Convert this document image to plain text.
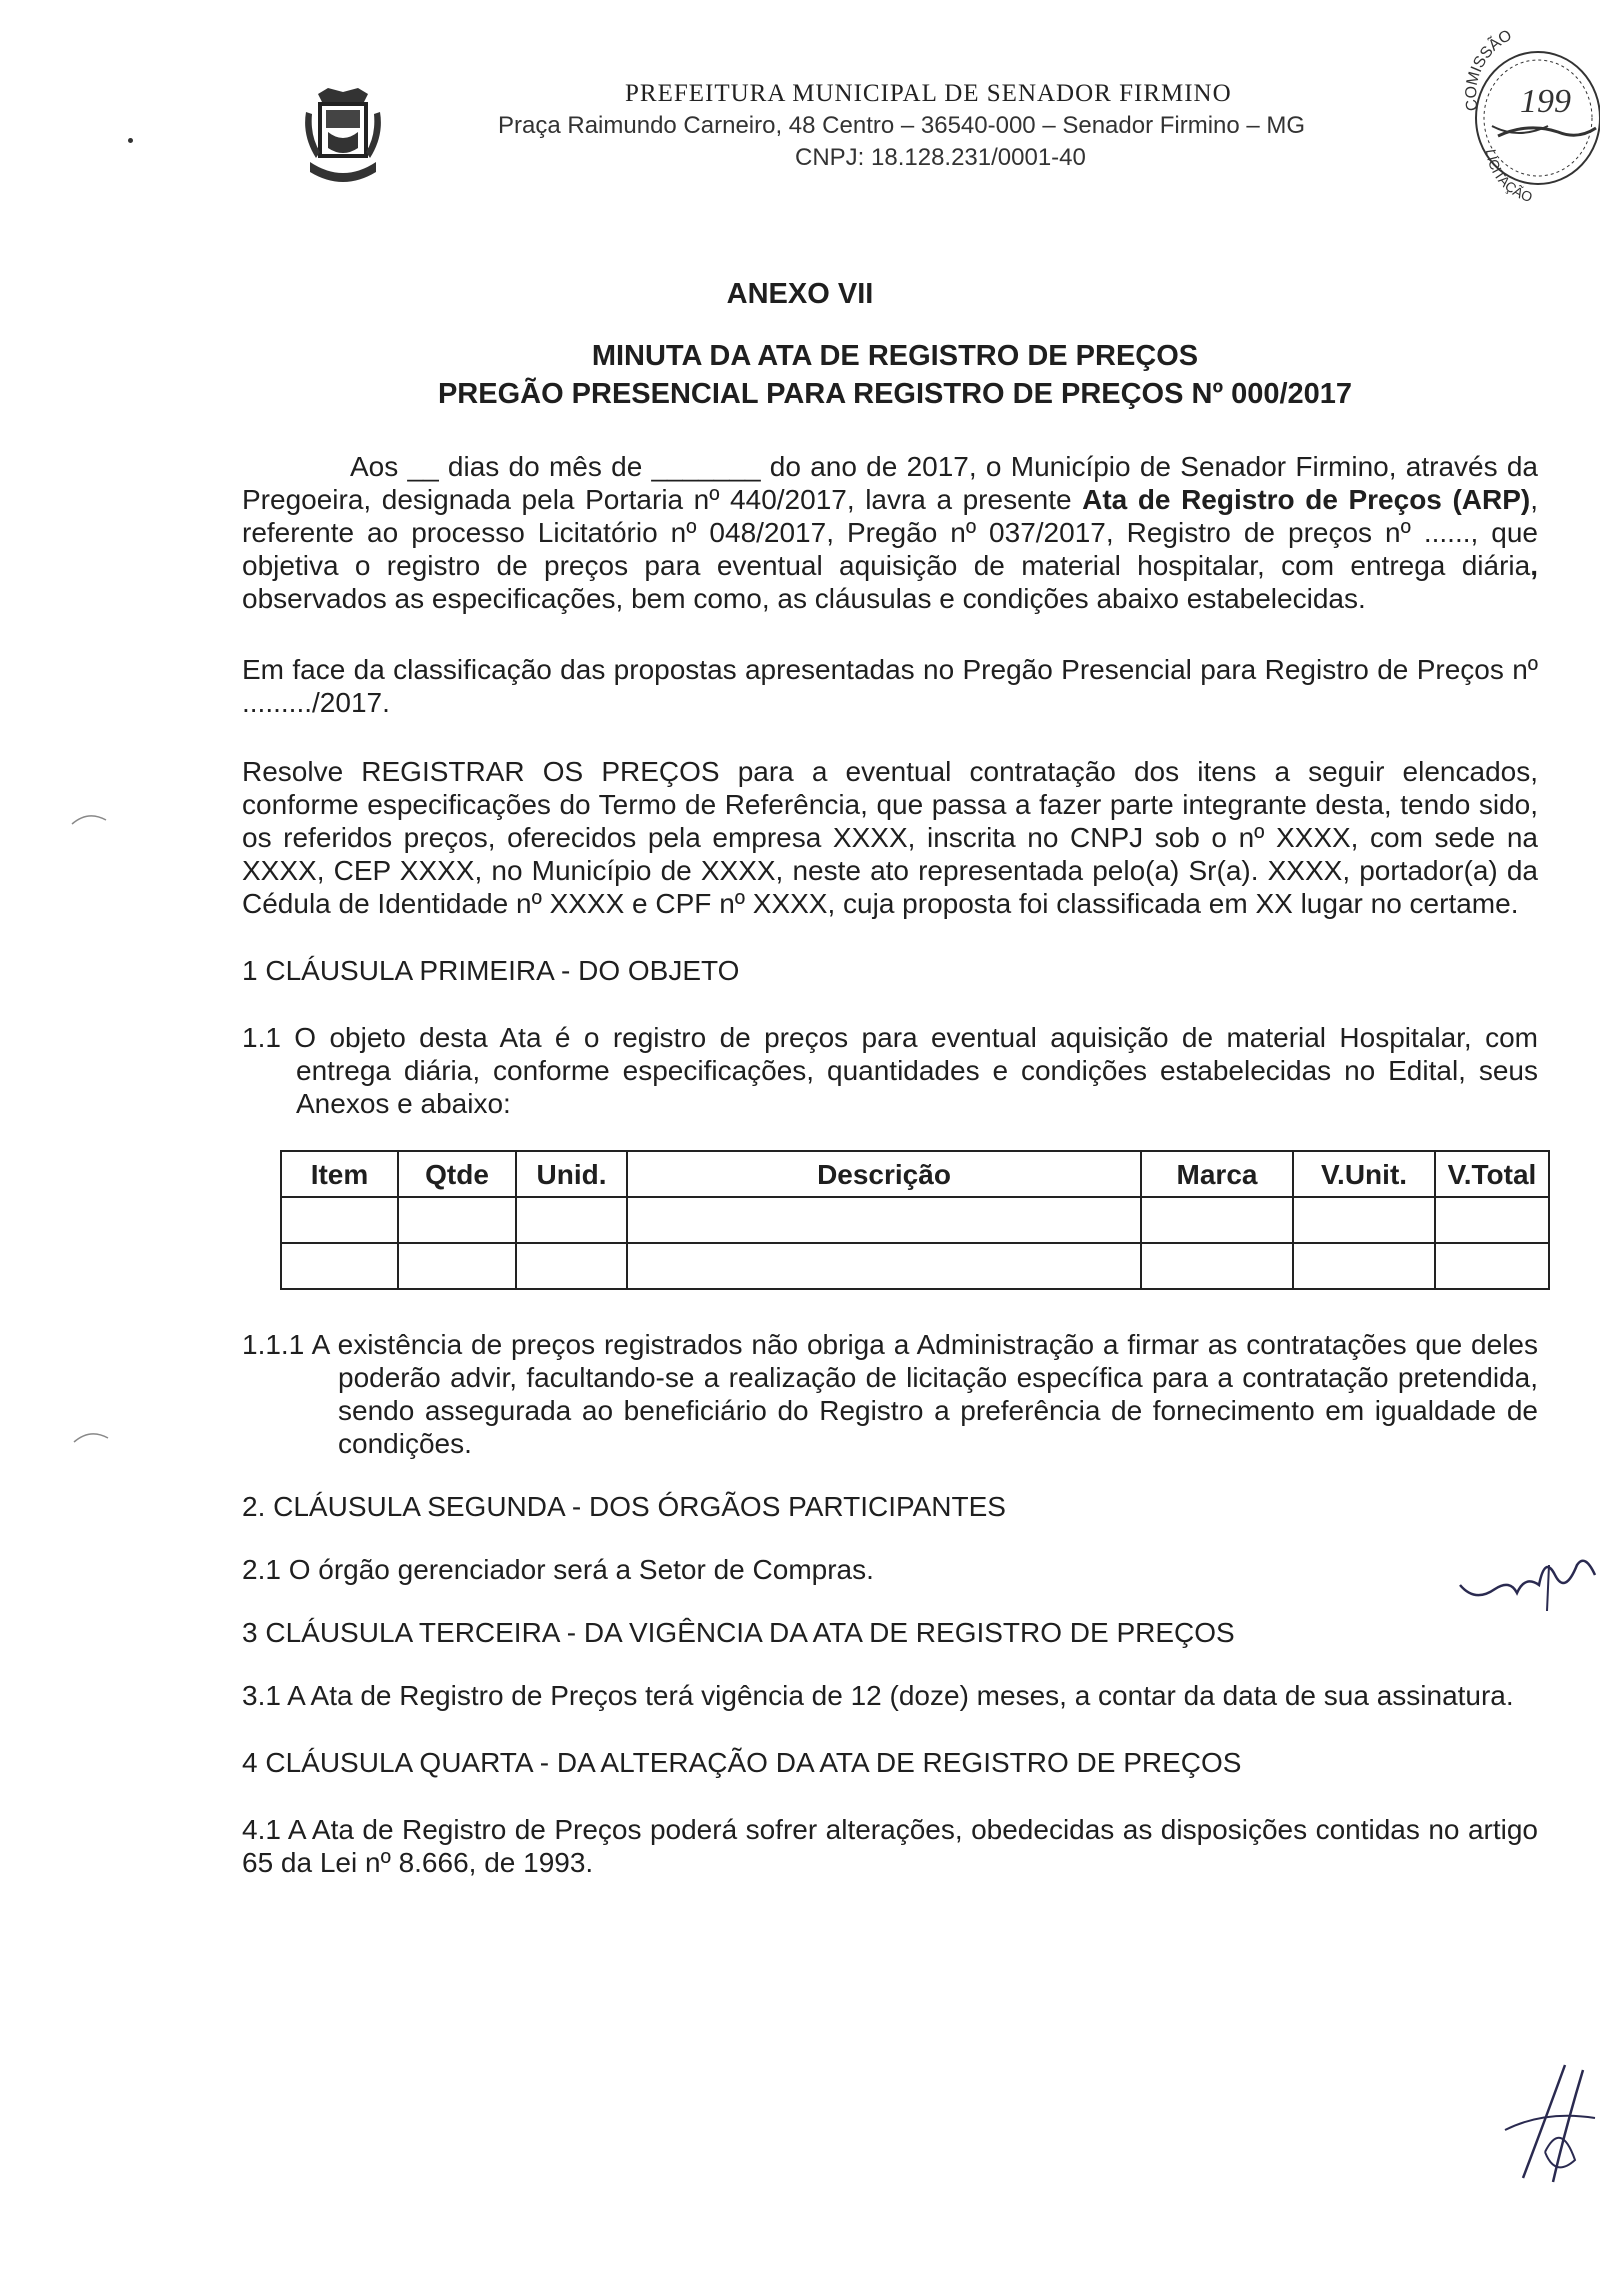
PREFEITURA MUNICIPAL DE SENADOR FIRMINO
Praça Raimundo Carneiro, 48 Centro – 36540-000 – Senador Firmino – MG
CNPJ: 18.128.231/0001-40
COMISSÃO
LICITAÇÃO
199
ANEXO VII
MINUTA DA ATA DE REGISTRO DE PREÇOS
PREGÃO PRESENCIAL PARA REGISTRO DE PREÇOS Nº 000/2017

Aos __ dias do mês de _______ do ano de 2017, o Município de Senador Firmino, através da Pregoeira, designada pela Portaria nº 440/2017, lavra a presente Ata de Registro de Preços (ARP), referente ao processo Licitatório nº 048/2017, Pregão nº 037/2017, Registro de preços nº ......, que objetiva o registro de preços para eventual aquisição de material hospitalar, com entrega diária, observados as especificações, bem como, as cláusulas e condições abaixo estabelecidas.

Em face da classificação das propostas apresentadas no Pregão Presencial para Registro de Preços nº ........./2017.

Resolve REGISTRAR OS PREÇOS para a eventual contratação dos itens a seguir elencados, conforme especificações do Termo de Referência, que passa a fazer parte integrante desta, tendo sido, os referidos preços, oferecidos pela empresa XXXX, inscrita no CNPJ sob o nº XXXX, com sede na XXXX, CEP XXXX, no Município de XXXX, neste ato representada pelo(a) Sr(a). XXXX, portador(a) da Cédula de Identidade nº XXXX e CPF nº XXXX, cuja proposta foi classificada em XX lugar no certame.

1 CLÁUSULA PRIMEIRA - DO OBJETO

1.1 O objeto desta Ata é o registro de preços para eventual aquisição de material Hospitalar, com entrega diária, conforme especificações, quantidades e condições estabelecidas no Edital, seus Anexos e abaixo:

Item	Qtde	Unid.	Descrição	Marca	V.Unit.	V.Total

1.1.1 A existência de preços registrados não obriga a Administração a firmar as contratações que deles poderão advir, facultando-se a realização de licitação específica para a contratação pretendida, sendo assegurada ao beneficiário do Registro a preferência de fornecimento em igualdade de condições.

2. CLÁUSULA SEGUNDA - DOS ÓRGÃOS PARTICIPANTES

2.1 O órgão gerenciador será a Setor de Compras.

3 CLÁUSULA TERCEIRA - DA VIGÊNCIA DA ATA DE REGISTRO DE PREÇOS

3.1 A Ata de Registro de Preços terá vigência de 12 (doze) meses, a contar da data de sua assinatura.

4 CLÁUSULA QUARTA - DA ALTERAÇÃO DA ATA DE REGISTRO DE PREÇOS

4.1 A Ata de Registro de Preços poderá sofrer alterações, obedecidas as disposições contidas no artigo 65 da Lei nº 8.666, de 1993.
